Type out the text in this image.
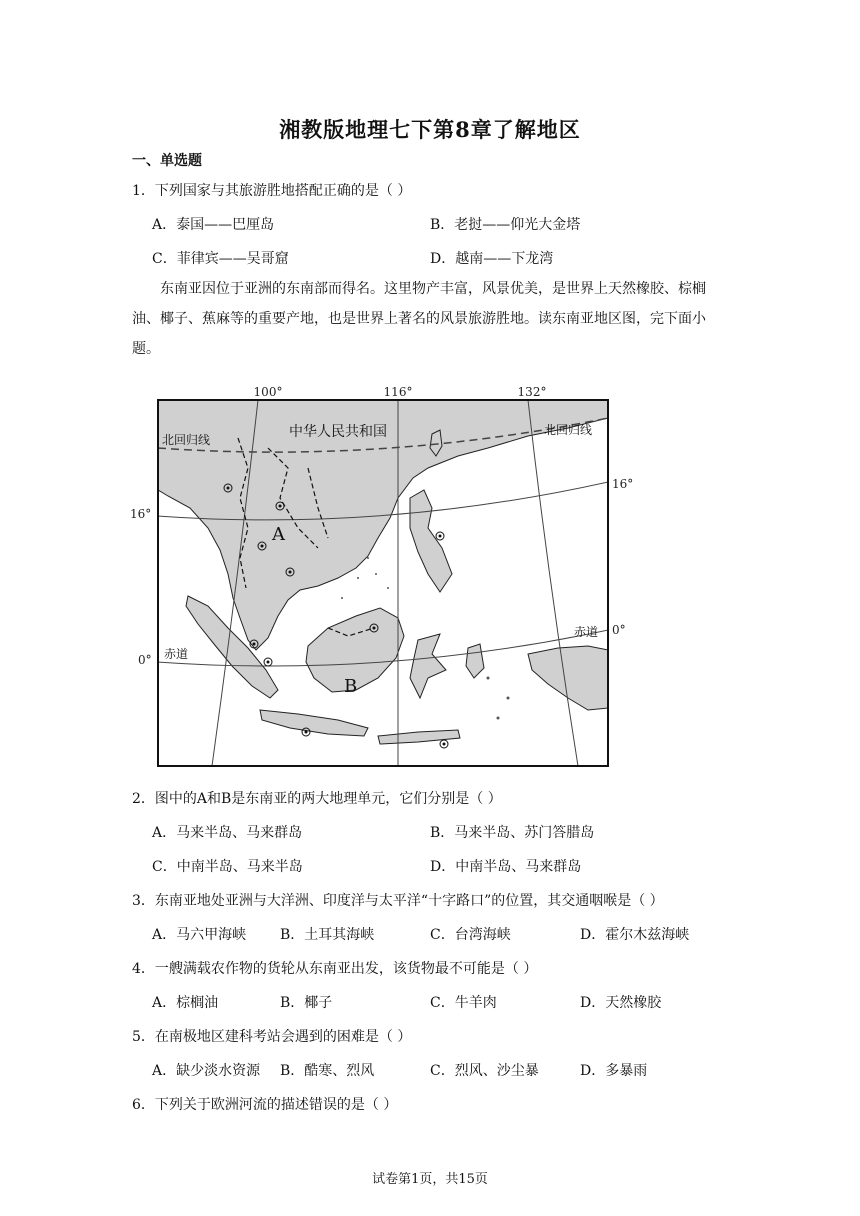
湘教版地理七下第8章了解地区
一、单选题
1．下列国家与其旅游胜地搭配正确的是（ ）
A．泰国——巴厘岛	B．老挝——仰光大金塔
C．菲律宾——吴哥窟	D．越南——下龙湾
东南亚因位于亚洲的东南部而得名。这里物产丰富，风景优美，是世界上天然橡胶、棕榈油、椰子、蕉麻等的重要产地，也是世界上著名的风景旅游胜地。读东南亚地区图，完下面小题。
100°	116°	132°
16°
16°
0°
0°
中华人民共和国
北回归线
北回归线
赤道
赤道
A
B
2．图中的A和B是东南亚的两大地理单元，它们分别是（ ）
A．马来半岛、马来群岛	B．马来半岛、苏门答腊岛
C．中南半岛、马来半岛	D．中南半岛、马来群岛
3．东南亚地处亚洲与大洋洲、印度洋与太平洋“十字路口”的位置，其交通咽喉是（ ）
A．马六甲海峡 B．土耳其海峡	C．台湾海峡	D．霍尔木兹海峡
4．一艘满载农作物的货轮从东南亚出发，该货物最不可能是（ ）
A．棕榈油	B．椰子	C．牛羊肉	D．天然橡胶
5．在南极地区建科考站会遇到的困难是（ ）
A．缺少淡水资源 B．酷寒、烈风	C．烈风、沙尘暴	D．多暴雨
6．下列关于欧洲河流的描述错误的是（ ）
试卷第1页，共15页
